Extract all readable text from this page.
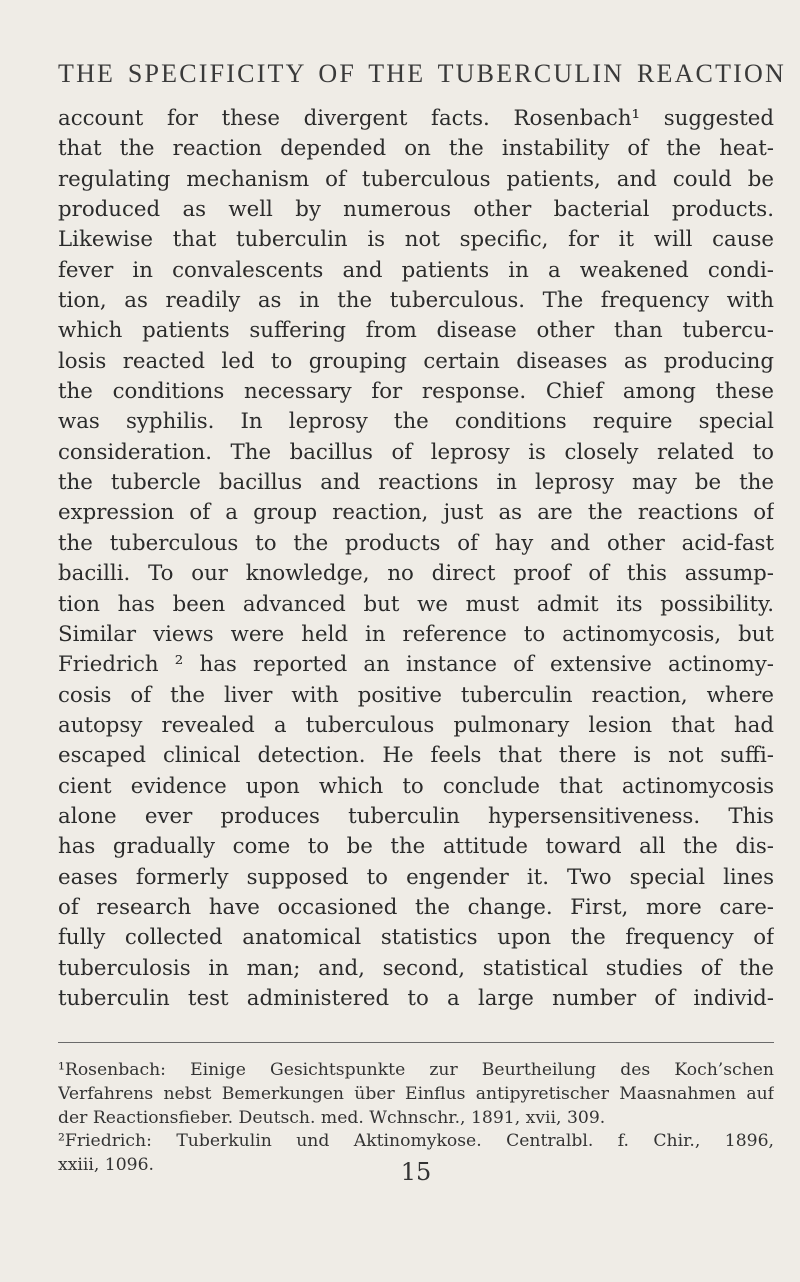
THE SPECIFICITY OF THE TUBERCULIN REACTION
account for these divergent facts. Rosenbach¹ suggested
that the reaction depended on the instability of the heat-
regulating mechanism of tuberculous patients, and could be
produced as well by numerous other bacterial products.
Likewise that tuberculin is not specific, for it will cause
fever in convalescents and patients in a weakened condi-
tion, as readily as in the tuberculous. The frequency with
which patients suffering from disease other than tubercu-
losis reacted led to grouping certain diseases as producing
the conditions necessary for response. Chief among these
was syphilis. In leprosy the conditions require special
consideration. The bacillus of leprosy is closely related to
the tubercle bacillus and reactions in leprosy may be the
expression of a group reaction, just as are the reactions of
the tuberculous to the products of hay and other acid-fast
bacilli. To our knowledge, no direct proof of this assump-
tion has been advanced but we must admit its possibility.
Similar views were held in reference to actinomycosis, but
Friedrich ² has reported an instance of extensive actinomy-
cosis of the liver with positive tuberculin reaction, where
autopsy revealed a tuberculous pulmonary lesion that had
escaped clinical detection. He feels that there is not suffi-
cient evidence upon which to conclude that actinomycosis
alone ever produces tuberculin hypersensitiveness. This
has gradually come to be the attitude toward all the dis-
eases formerly supposed to engender it. Two special lines
of research have occasioned the change. First, more care-
fully collected anatomical statistics upon the frequency of
tuberculosis in man; and, second, statistical studies of the
tuberculin test administered to a large number of individ-
¹Rosenbach: Einige Gesichtspunkte zur Beurtheilung des Koch’schen
Verfahrens nebst Bemerkungen über Einflus antipyretischer Maasnahmen auf
der Reactionsfieber. Deutsch. med. Wchnschr., 1891, xvii, 309.
²Friedrich: Tuberkulin und Aktinomykose. Centralbl. f. Chir., 1896,
xxiii, 1096.	15
